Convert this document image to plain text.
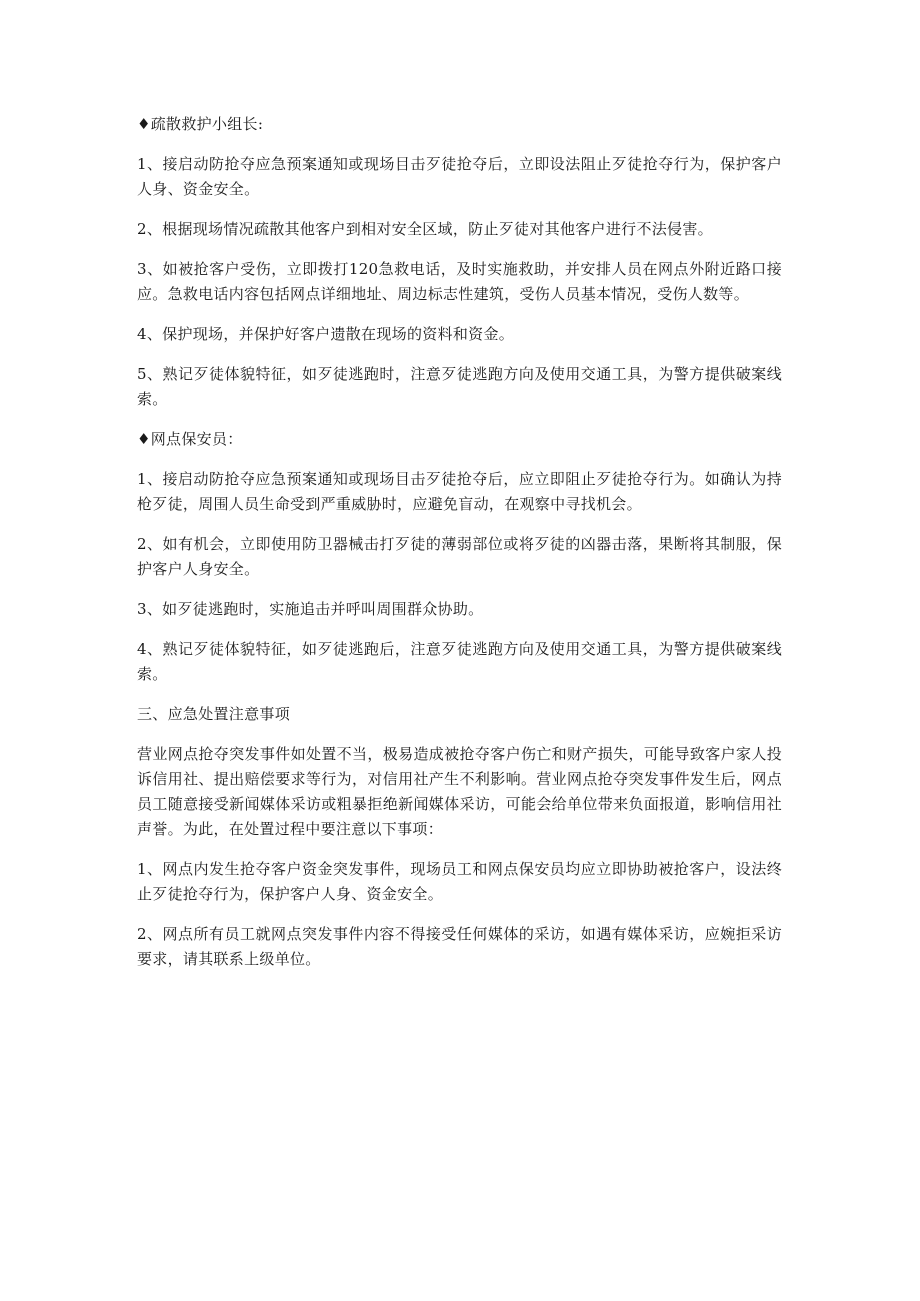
♦疏散救护小组长:

1、接启动防抢夺应急预案通知或现场目击歹徒抢夺后，立即设法阻止歹徒抢夺行为，保护客户人身、资金安全。

2、根据现场情况疏散其他客户到相对安全区域，防止歹徒对其他客户进行不法侵害。

3、如被抢客户受伤，立即拨打120急救电话，及时实施救助，并安排人员在网点外附近路口接应。急救电话内容包括网点详细地址、周边标志性建筑，受伤人员基本情况，受伤人数等。

4、保护现场，并保护好客户遗散在现场的资料和资金。

5、熟记歹徒体貌特征，如歹徒逃跑时，注意歹徒逃跑方向及使用交通工具，为警方提供破案线索。

♦网点保安员：

1、接启动防抢夺应急预案通知或现场目击歹徒抢夺后，应立即阻止歹徒抢夺行为。如确认为持枪歹徒，周围人员生命受到严重威胁时，应避免盲动，在观察中寻找机会。

2、如有机会，立即使用防卫器械击打歹徒的薄弱部位或将歹徒的凶器击落，果断将其制服，保护客户人身安全。

3、如歹徒逃跑时，实施追击并呼叫周围群众协助。

4、熟记歹徒体貌特征，如歹徒逃跑后，注意歹徒逃跑方向及使用交通工具，为警方提供破案线索。

三、应急处置注意事项

营业网点抢夺突发事件如处置不当，极易造成被抢夺客户伤亡和财产损失，可能导致客户家人投诉信用社、提出赔偿要求等行为，对信用社产生不利影响。营业网点抢夺突发事件发生后，网点员工随意接受新闻媒体采访或粗暴拒绝新闻媒体采访，可能会给单位带来负面报道，影响信用社声誉。为此，在处置过程中要注意以下事项：

1、网点内发生抢夺客户资金突发事件，现场员工和网点保安员均应立即协助被抢客户，设法终止歹徒抢夺行为，保护客户人身、资金安全。

2、网点所有员工就网点突发事件内容不得接受任何媒体的采访，如遇有媒体采访，应婉拒采访要求，请其联系上级单位。
